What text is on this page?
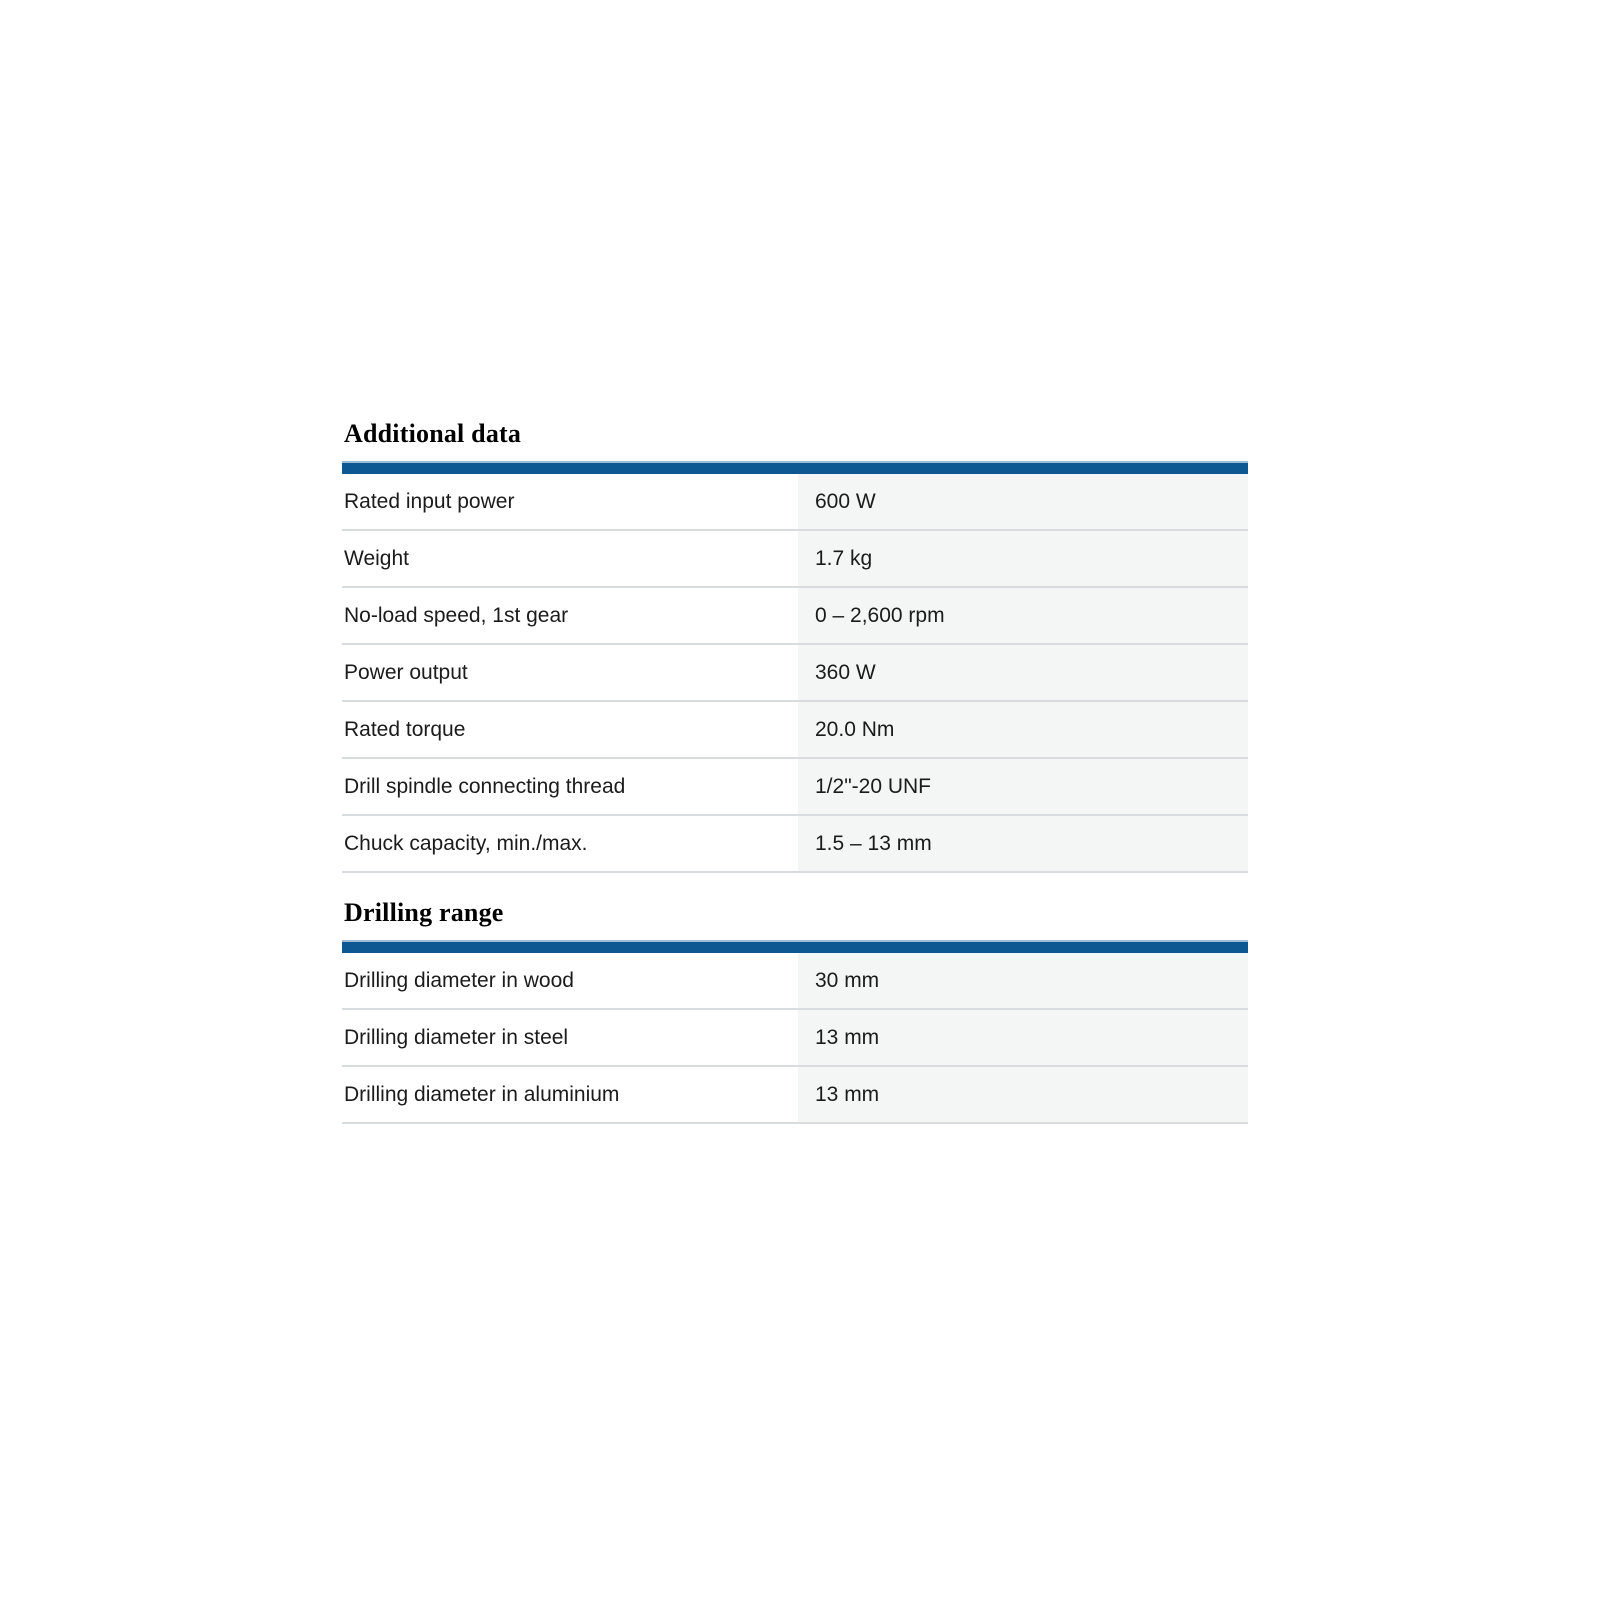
Additional data
Rated input power	600 W
Weight	1.7 kg
No-load speed, 1st gear	0 – 2,600 rpm
Power output	360 W
Rated torque	20.0 Nm
Drill spindle connecting thread	1/2"-20 UNF
Chuck capacity, min./max.	1.5 – 13 mm
Drilling range
Drilling diameter in wood	30 mm
Drilling diameter in steel	13 mm
Drilling diameter in aluminium	13 mm
